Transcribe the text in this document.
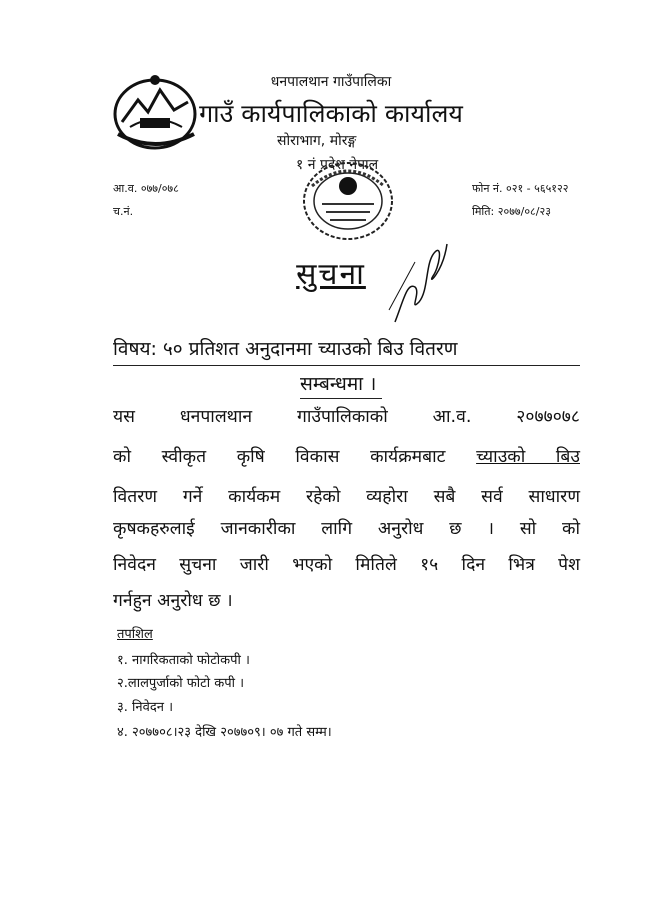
धनपालथान गाउँपालिका
गाउँ कार्यपालिकाको कार्यालय
सोराभाग, मोरङ्ग
१ नं प्रदेश नेपाल
आ.व. ०७७/०७८
च.नं.
फोन नं. ०२१ - ५६५१२२
मिति: २०७७/०८/२३
सुचना
विषय: ५० प्रतिशत अनुदानमा च्याउको बिउ वितरण
सम्बन्धमा ।
यस धनपालथान गाउँपालिकाको आ.व. २०७७०७८
को स्वीकृत कृषि विकास कार्यक्रमबाट च्याउको बिउ
वितरण गर्ने कार्यकम रहेको व्यहोरा सबै सर्व साधारण
कृषकहरुलाई जानकारीका लागि अनुरोध छ । सो को
निवेदन सुचना जारी भएको मितिले १५ दिन भित्र पेश
गर्नहुन अनुरोध छ ।
तपशिल
१. नागरिकताको फोटोकपी ।
२.लालपुर्जाको फोटो कपी ।
३. निवेदन ।
४. २०७७०८।२३ देखि २०७७०९। ०७ गते सम्म।
